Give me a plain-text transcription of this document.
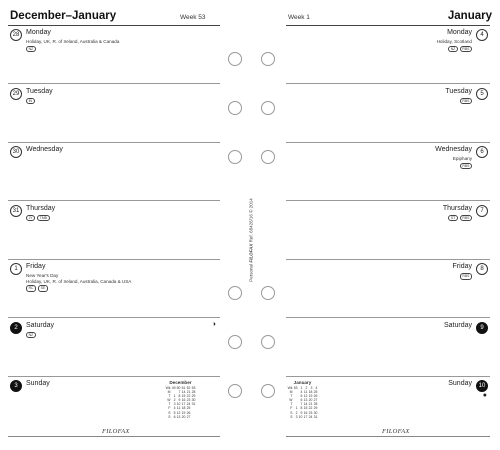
December–January	Week 53
28 Monday
Holiday, UK, R. of Ireland, Australia & Canada
NZ
29 Tuesday
IN
30 Wednesday
31 Thursday
JY	TMB
1	Friday
New Year's Day
Holiday, UK, R. of Ireland, Australia, Canada & USA
RC	SE
2	Saturday
NZ
◑
3	Sunday	December
Wk	49	50	51	52	53
M		7	14	21	28
T	1	8	15	22	29
W	2	9	16	23	30
T	3	10	17	24	31
F	4	11	18	25	
S	5	12	19	26	
S	6	13	20	27	
FILOFAX
Week 1	January
4
Monday
Holiday, Scotland
NZ	RBS
5
Tuesday
RBS
6
Wednesday
Epiphany
RBS
7
Thursday
ST	RBS
8
Friday
RBS
9
Saturday
10
Sunday
●
January
Wk	53	1	2	3	4
M		4	11	18	25
T		5	12	19	26
W		6	13	20	27
T		7	14	21	28
F	1	8	15	22	29
S	2	9	16	23	30
S	3	10	17	24	31
FILOFAX
Personal FILOFAX Ref. 68426/16 © 2014
